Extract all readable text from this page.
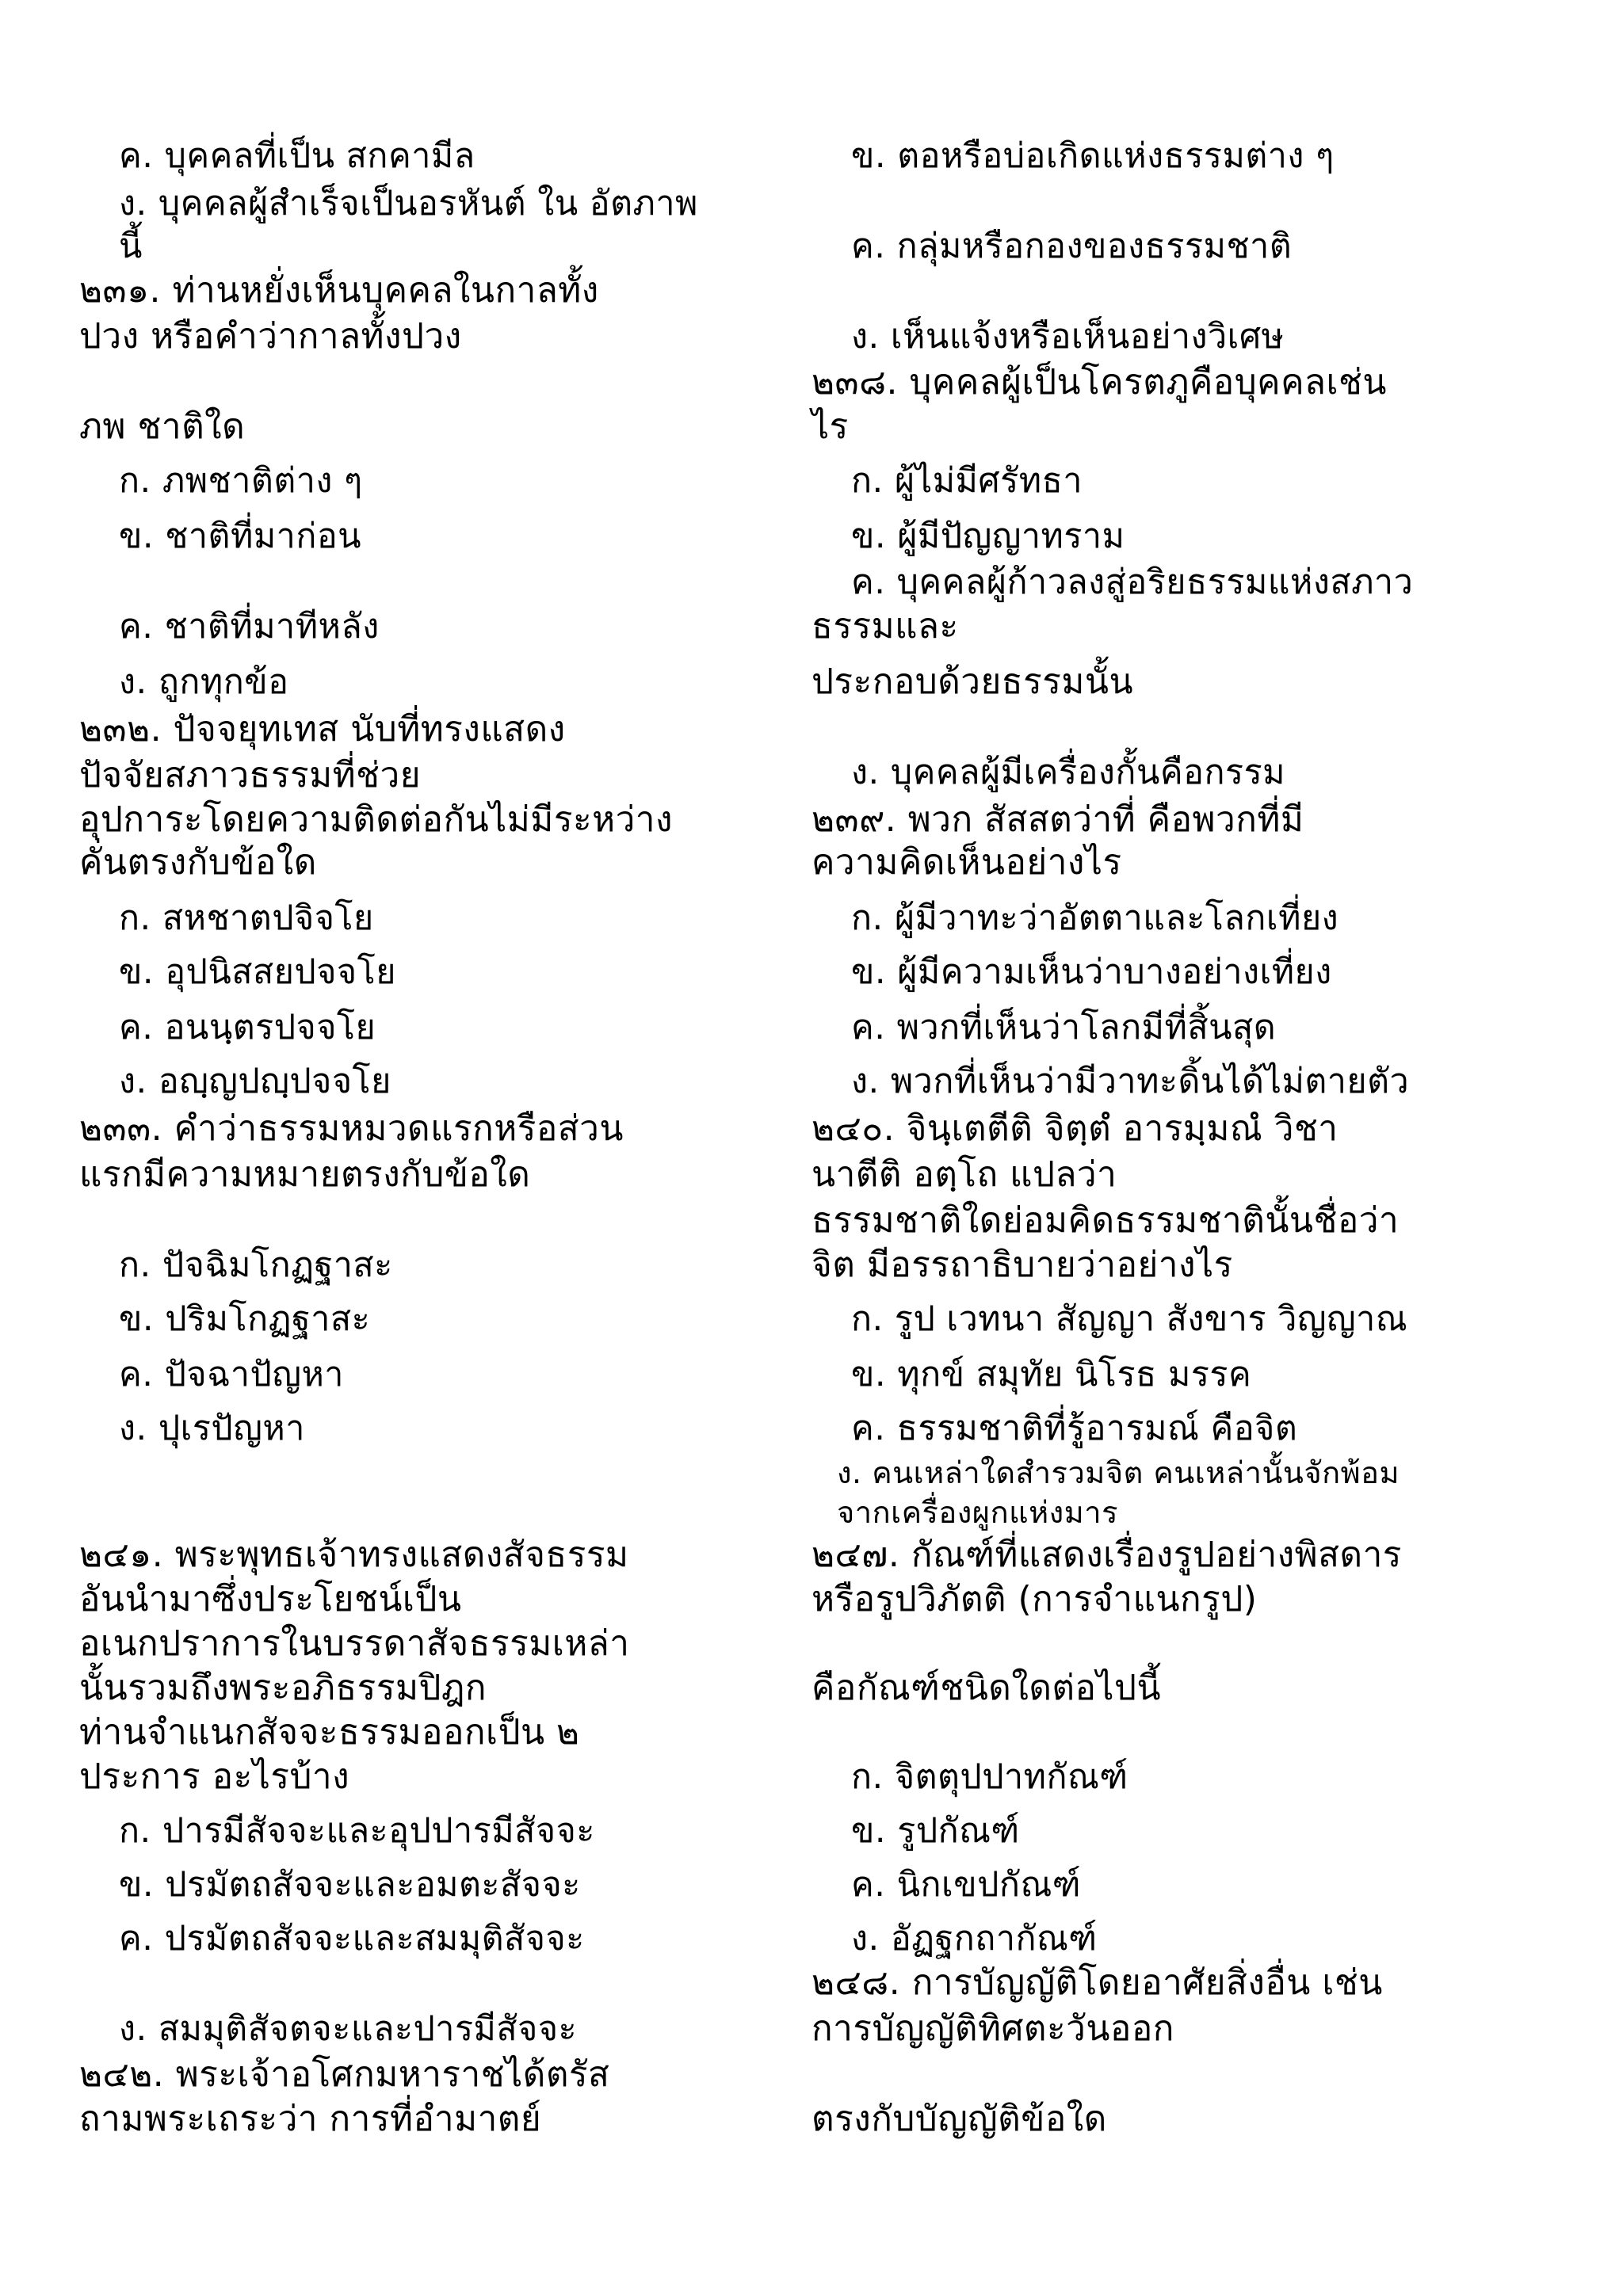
ค. บุคคลที่เป็น สกคามีล
ง. บุคคลผู้สำเร็จเป็นอรหันต์ ใน อัตภาพ
นี้
๒๓๑. ท่านหยั่งเห็นบุคคลในกาลทั้ง
ปวง หรือคำว่ากาลทั้งปวง
ภพ ชาติใด
ก. ภพชาติต่าง ๆ
ข. ชาติที่มาก่อน
ค. ชาติที่มาทีหลัง
ง. ถูกทุกข้อ
๒๓๒. ปัจจยุทเทส นับที่ทรงแสดง
ปัจจัยสภาวธรรมที่ช่วย
อุปการะโดยความติดต่อกันไม่มีระหว่าง
คั่นตรงกับข้อใด
ก. สหชาตปจิจโย
ข. อุปนิสสยปจจโย
ค. อนนฺตรปจจโย
ง. อญฺญปญฺปจจโย
๒๓๓. คำว่าธรรมหมวดแรกหรือส่วน
แรกมีความหมายตรงกับข้อใด
ก. ปัจฉิมโกฏฐาสะ
ข. ปริมโกฏฐาสะ
ค. ปัจฉาปัญหา
ง. ปุเรปัญหา
๒๔๑. พระพุทธเจ้าทรงแสดงสัจธรรม
อันนำมาซึ่งประโยชน์เป็น
อเนกปราการในบรรดาสัจธรรมเหล่า
นั้นรวมถึงพระอภิธรรมปิฎก
ท่านจำแนกสัจจะธรรมออกเป็น ๒
ประการ อะไรบ้าง
ก. ปารมีสัจจะและอุปปารมีสัจจะ
ข. ปรมัตถสัจจะและอมตะสัจจะ
ค. ปรมัตถสัจจะและสมมุติสัจจะ
ง. สมมุติสัจตจะและปารมีสัจจะ
๒๔๒. พระเจ้าอโศกมหาราชได้ตรัส
ถามพระเถระว่า การที่อำมาตย์
ข. ตอหรือบ่อเกิดแห่งธรรมต่าง ๆ
ค. กลุ่มหรือกองของธรรมชาติ
ง. เห็นแจ้งหรือเห็นอย่างวิเศษ
๒๓๘. บุคคลผู้เป็นโครตภูคือบุคคลเช่น
ไร
ก. ผู้ไม่มีศรัทธา
ข. ผู้มีปัญญาทราม
ค. บุคคลผู้ก้าวลงสู่อริยธรรมแห่งสภาว
ธรรมและ
ประกอบด้วยธรรมนั้น
ง. บุคคลผู้มีเครื่องกั้นคือกรรม
๒๓๙. พวก สัสสตว่าที่ คือพวกที่มี
ความคิดเห็นอย่างไร
ก. ผู้มีวาทะว่าอัตตาและโลกเที่ยง
ข. ผู้มีความเห็นว่าบางอย่างเที่ยง
ค. พวกที่เห็นว่าโลกมีที่สิ้นสุด
ง. พวกที่เห็นว่ามีวาทะดิ้นได้ไม่ตายตัว
๒๔๐. จินฺเตตีติ จิตฺตํ อารมฺมณํ วิชา
นาตีติ อตฺโถ แปลว่า
ธรรมชาติใดย่อมคิดธรรมชาตินั้นชื่อว่า
จิต มีอรรถาธิบายว่าอย่างไร
ก. รูป เวทนา สัญญา สังขาร วิญญาณ
ข. ทุกข์ สมุทัย นิโรธ มรรค
ค. ธรรมชาติที่รู้อารมณ์ คือจิต
ง. คนเหล่าใดสำรวมจิต คนเหล่านั้นจักพ้อม
จากเครื่องผูกแห่งมาร
๒๔๗. กัณฑ์ที่แสดงเรื่องรูปอย่างพิสดาร
หรือรูปวิภัตติ (การจำแนกรูป)
คือกัณฑ์ชนิดใดต่อไปนี้
ก. จิตตุปปาทกัณฑ์
ข. รูปกัณฑ์
ค. นิกเขปกัณฑ์
ง. อัฏฐกถากัณฑ์
๒๔๘. การบัญญัติโดยอาศัยสิ่งอื่น เช่น
การบัญญัติทิศตะวันออก
ตรงกับบัญญัติข้อใด
